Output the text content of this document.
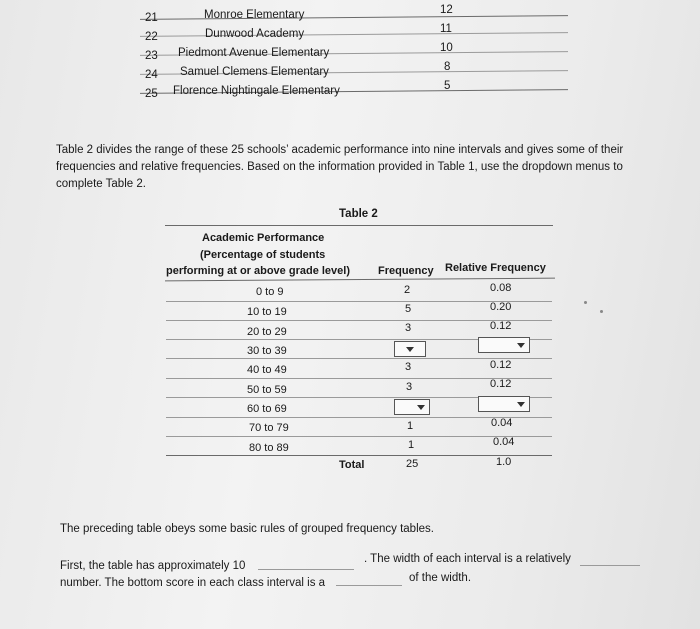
21	Monroe Elementary	12
22	Dunwood Academy	11
23 Piedmont Avenue Elementary	10
24 Samuel Clemens Elementary	8
25 Florence Nightingale Elementary	5
Table 2 divides the range of these 25 schools’ academic performance into nine intervals and gives some of their frequencies and relative frequencies. Based on the information provided in Table 1, use the dropdown menus to complete Table 2.
Table 2
Academic Performance
(Percentage of students
performing at or above grade level)	Frequency Relative Frequency
0 to 9	2	0.08
10 to 19	5	0.20
20 to 29	3	0.12
30 to 39
40 to 49	3	0.12
50 to 59	3	0.12
60 to 69
70 to 79	1	0.04
80 to 89	1	0.04
Total	25	1.0
The preceding table obeys some basic rules of grouped frequency tables.
First, the table has approximately 10
. The width of each interval is a relatively
number. The bottom score in each class interval is a	of the width.
